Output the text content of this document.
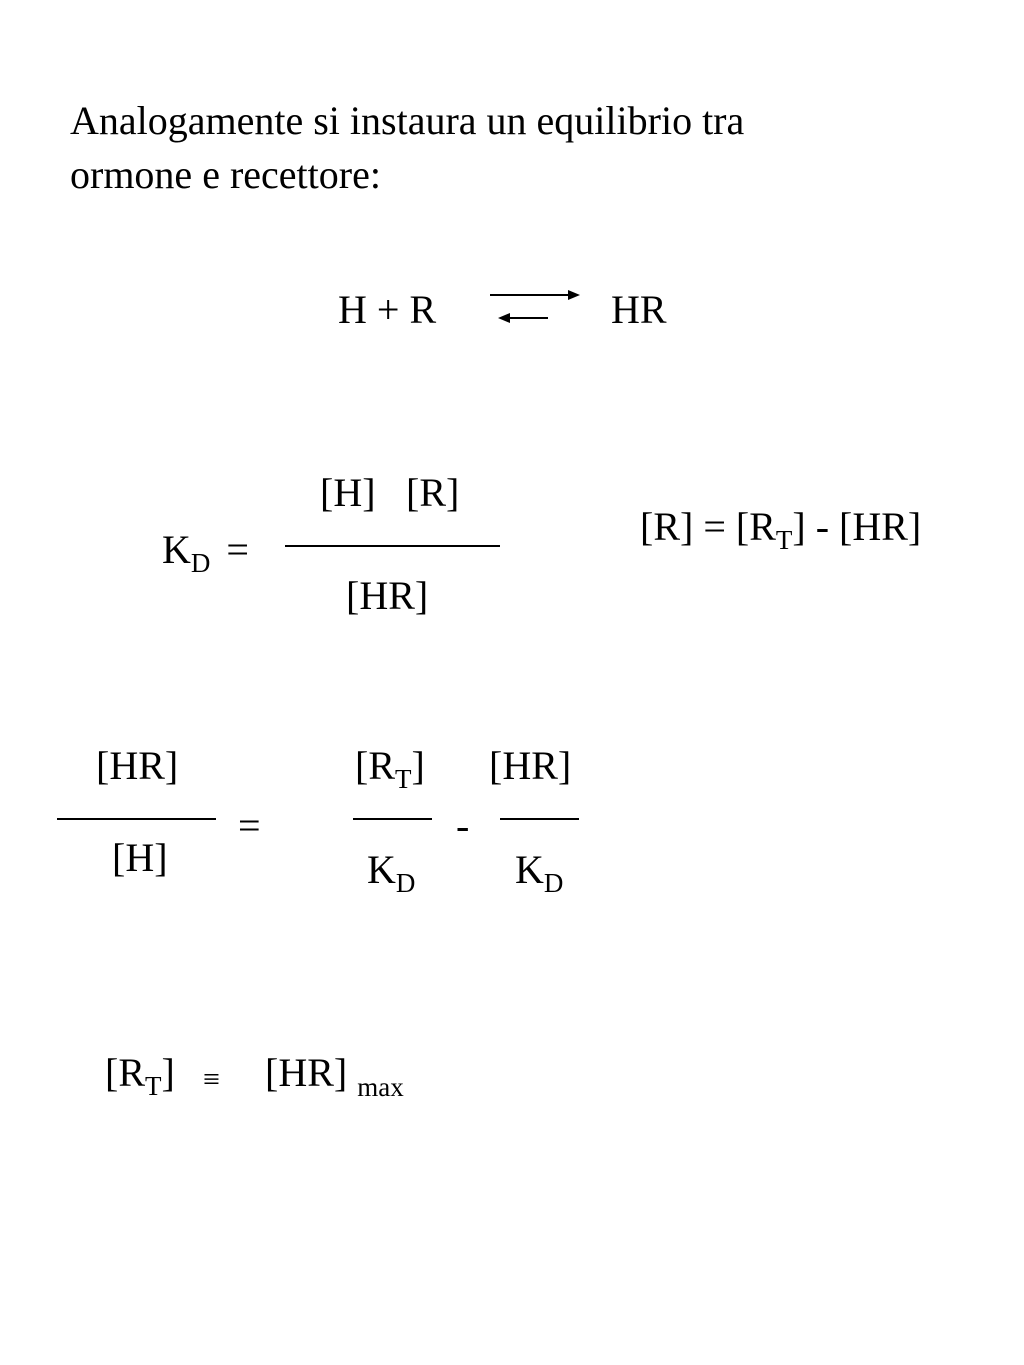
Analogamente si instaura un equilibrio tra
ormone e recettore:
H + R	HR
$K_D$ =
[H] [R]
[HR]
$[R] = [R_T] - [HR]$
[HR]
[H]
=
$[R_T]$
$K_D$
-
[HR]
$K_D$
$[R_T] \equiv [HR]$ $_{max}$
